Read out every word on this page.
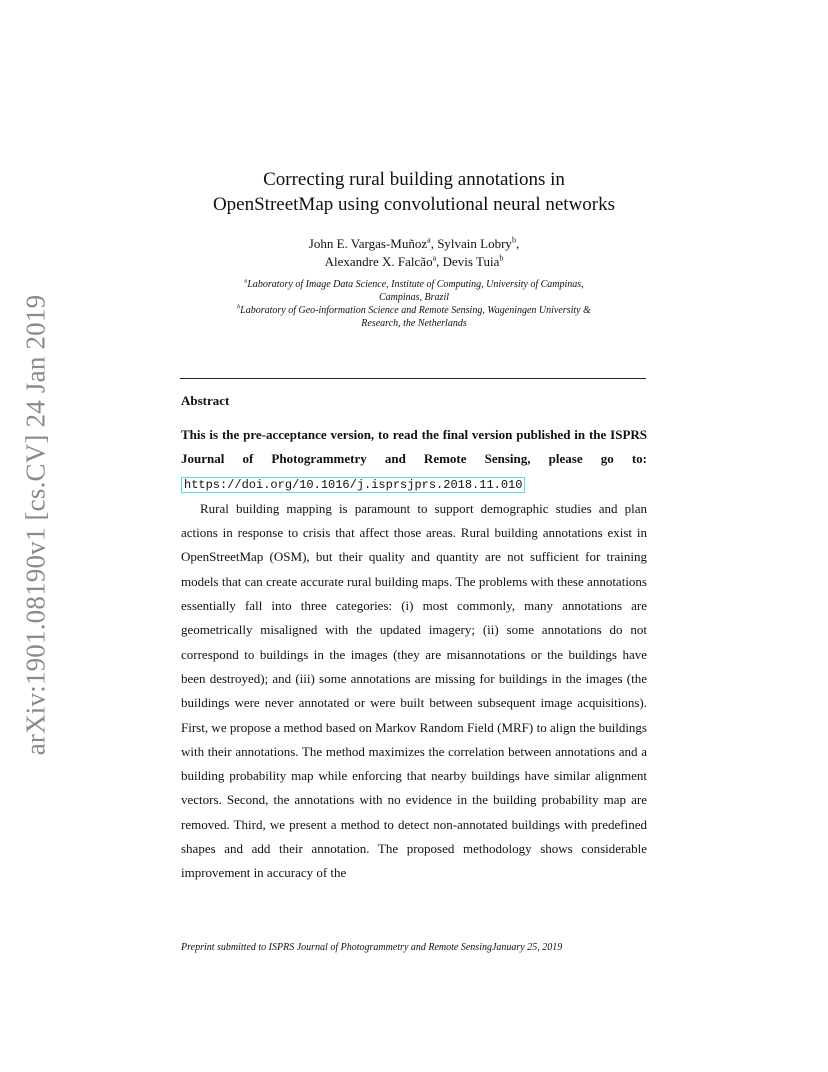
arXiv:1901.08190v1 [cs.CV] 24 Jan 2019
Correcting rural building annotations in
OpenStreetMap using convolutional neural networks
John E. Vargas-Muñoz$^a$, Sylvain Lobry$^b$,
Alexandre X. Falcão$^a$, Devis Tuia$^b$
$^a$Laboratory of Image Data Science, Institute of Computing, University of Campinas,
Campinas, Brazil
$^b$Laboratory of Geo-information Science and Remote Sensing, Wageningen University &
Research, the Netherlands
Abstract

This is the pre-acceptance version, to read the final version published in the ISPRS Journal of Photogrammetry and Remote Sensing, please go to: https://doi.org/10.1016/j.isprsjprs.2018.11.010

Rural building mapping is paramount to support demographic studies and plan actions in response to crisis that affect those areas. Rural building annotations exist in OpenStreetMap (OSM), but their quality and quantity are not sufficient for training models that can create accurate rural building maps. The problems with these annotations essentially fall into three categories: (i) most commonly, many annotations are geometrically misaligned with the updated imagery; (ii) some annotations do not correspond to buildings in the images (they are misannotations or the buildings have been destroyed); and (iii) some annotations are missing for buildings in the images (the buildings were never annotated or were built between subsequent image acquisitions). First, we propose a method based on Markov Random Field (MRF) to align the buildings with their annotations. The method maximizes the correlation between annotations and a building probability map while enforcing that nearby buildings have similar alignment vectors. Second, the annotations with no evidence in the building probability map are removed. Third, we present a method to detect non-annotated buildings with predefined shapes and add their annotation. The proposed methodology shows considerable improvement in accuracy of the

Preprint submitted to ISPRS Journal of Photogrammetry and Remote SensingJanuary 25, 2019
